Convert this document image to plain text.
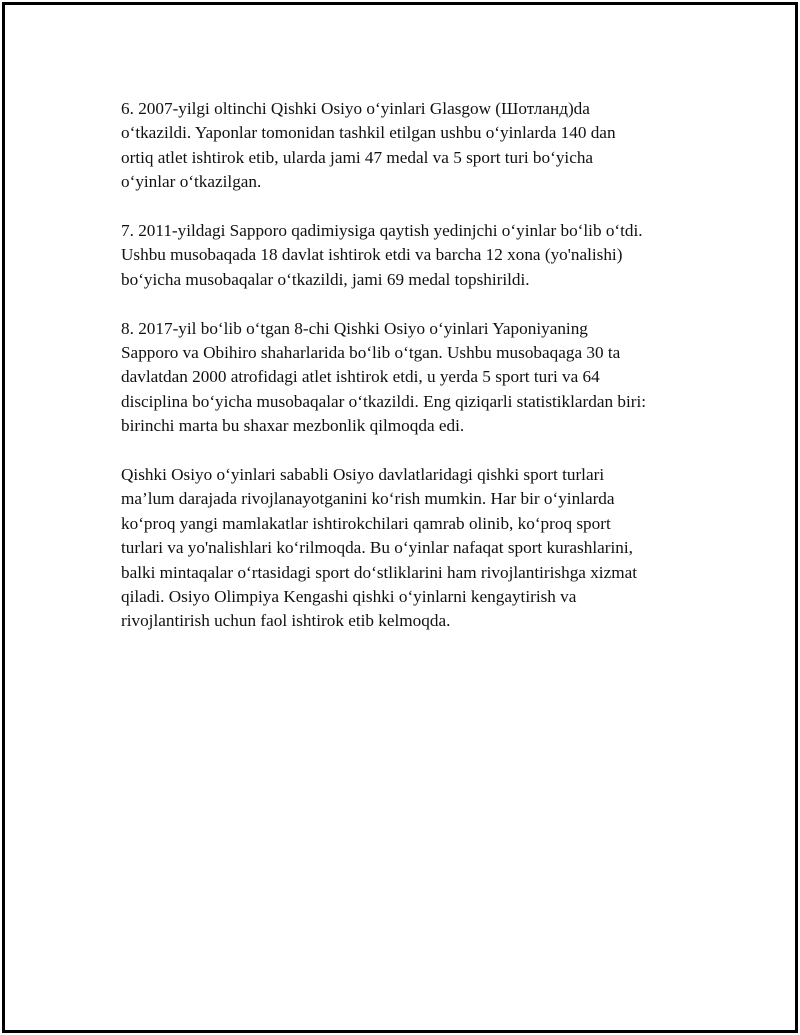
6. 2007-yilgi oltinchi Qishki Osiyo o‘yinlari Glasgow (Шотланд)da
o‘tkazildi. Yaponlar tomonidan tashkil etilgan ushbu o‘yinlarda 140 dan
ortiq atlet ishtirok etib, ularda jami 47 medal va 5 sport turi bo‘yicha
o‘yinlar o‘tkazilgan.

7. 2011-yildagi Sapporo qadimiysiga qaytish yedinjchi o‘yinlar bo‘lib o‘tdi.
Ushbu musobaqada 18 davlat ishtirok etdi va barcha 12 xona (yo'nalishi)
bo‘yicha musobaqalar o‘tkazildi, jami 69 medal topshirildi.

8. 2017-yil bo‘lib o‘tgan 8-chi Qishki Osiyo o‘yinlari Yaponiyaning
Sapporo va Obihiro shaharlarida bo‘lib o‘tgan. Ushbu musobaqaga 30 ta
davlatdan 2000 atrofidagi atlet ishtirok etdi, u yerda 5 sport turi va 64
disciplina bo‘yicha musobaqalar o‘tkazildi. Eng qiziqarli statistiklardan biri:
birinchi marta bu shaxar mezbonlik qilmoqda edi.

Qishki Osiyo o‘yinlari sababli Osiyo davlatlaridagi qishki sport turlari
ma’lum darajada rivojlanayotganini ko‘rish mumkin. Har bir o‘yinlarda
ko‘proq yangi mamlakatlar ishtirokchilari qamrab olinib, ko‘proq sport
turlari va yo'nalishlari ko‘rilmoqda. Bu o‘yinlar nafaqat sport kurashlarini,
balki mintaqalar o‘rtasidagi sport do‘stliklarini ham rivojlantirishga xizmat
qiladi. Osiyo Olimpiya Kengashi qishki o‘yinlarni kengaytirish va
rivojlantirish uchun faol ishtirok etib kelmoqda.
